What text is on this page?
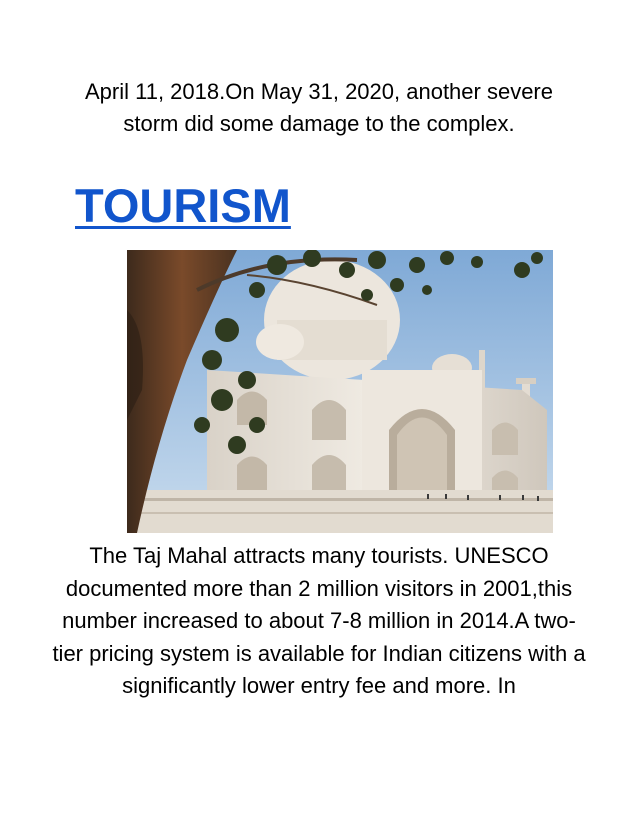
April 11, 2018.On May 31, 2020, another severe storm did some damage to the complex.

TOURISM

The Taj Mahal attracts many tourists. UNESCO documented more than 2 million visitors in 2001,this number increased to about 7-8 million in 2014.A two-tier pricing system is available for Indian citizens with a significantly lower entry fee and more. In
